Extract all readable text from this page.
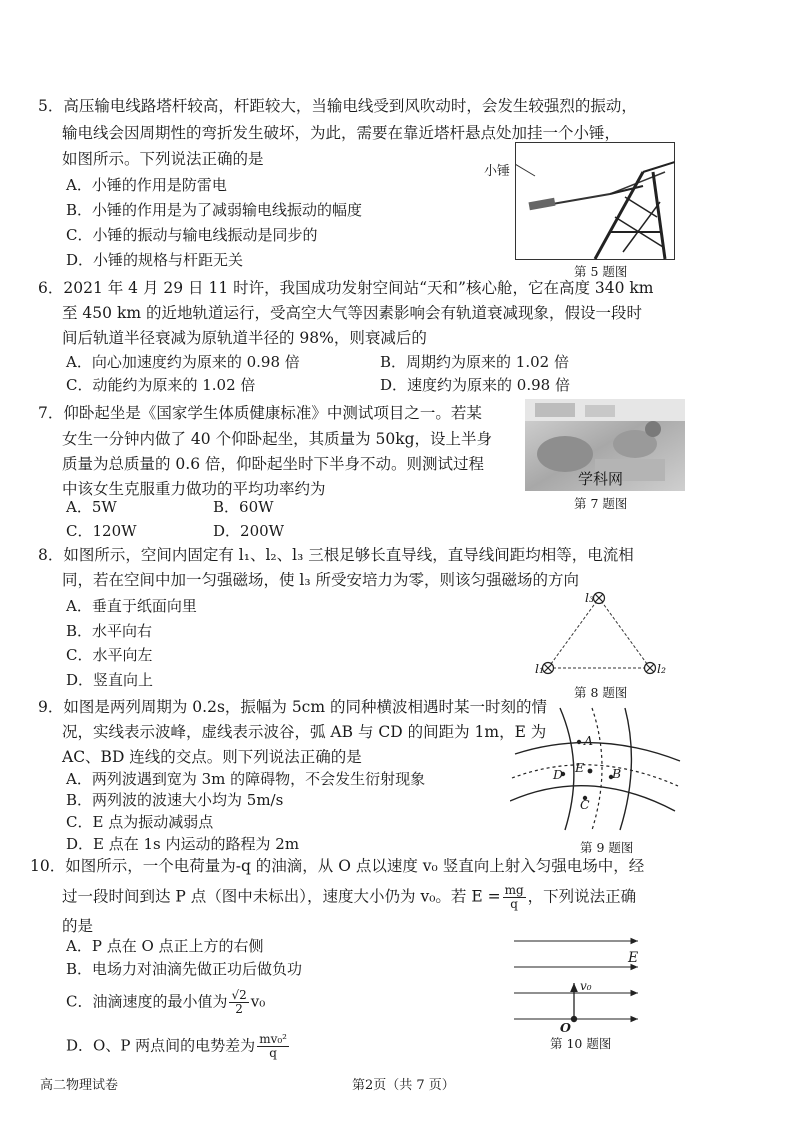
5．高压输电线路塔杆较高，杆距较大，当输电线受到风吹动时，会发生较强烈的振动，
输电线会因周期性的弯折发生破坏，为此，需要在靠近塔杆悬点处加挂一个小锤，
如图所示。下列说法正确的是
A．小锤的作用是防雷电
B．小锤的作用是为了减弱输电线振动的幅度
C．小锤的振动与输电线振动是同步的
D．小锤的规格与杆距无关
小锤
第 5 题图
6．2021 年 4 月 29 日 11 时许，我国成功发射空间站“天和”核心舱，它在高度 340 km
至 450 km 的近地轨道运行，受高空大气等因素影响会有轨道衰减现象，假设一段时
间后轨道半径衰减为原轨道半径的 98%，则衰减后的
A．向心加速度约为原来的 0.98 倍	B．周期约为原来的 1.02 倍
C．动能约为原来的 1.02 倍	D．速度约为原来的 0.98 倍
7．仰卧起坐是《国家学生体质健康标准》中测试项目之一。若某
女生一分钟内做了 40 个仰卧起坐，其质量为 50kg，设上半身
质量为总质量的 0.6 倍，仰卧起坐时下半身不动。则测试过程
中该女生克服重力做功的平均功率约为
A．5W	B．60W
C．120W	D．200W
学科网
第 7 题图
8．如图所示，空间内固定有 l₁、l₂、l₃ 三根足够长直导线，直导线间距均相等，电流相
同，若在空间中加一匀强磁场，使 l₃ 所受安培力为零，则该匀强磁场的方向
A．垂直于纸面向里
B．水平向右
C．水平向左
D．竖直向上
l₃
l₁	l₂
第 8 题图
9．如图是两列周期为 0.2s，振幅为 5cm 的同种横波相遇时某一时刻的情
况，实线表示波峰，虚线表示波谷，弧 AB 与 CD 的间距为 1m，E 为
AC、BD 连线的交点。则下列说法正确的是
A．两列波遇到宽为 3m 的障碍物，不会发生衍射现象
B．两列波的波速大小均为 5m/s
C．E 点为振动减弱点
D．E 点在 1s 内运动的路程为 2m
A
B
C
D E
第 9 题图
10．如图所示，一个电荷量为-q 的油滴，从 O 点以速度 v₀ 竖直向上射入匀强电场中，经
过一段时间到达 P 点（图中未标出），速度大小仍为 v₀。若 $E = \frac{mg}{q}$ ，下列说法正确
的是
A．P 点在 O 点正上方的右侧
B．电场力对油滴先做正功后做负功
C．油滴速度的最小值为 $\frac{√2}{2} v_0$
D．O、P 两点间的电势差为 $\frac{\text{mv₀²}}{q}$
E
v₀
O
第 10 题图
高二物理试卷	第2页（共 7 页）
